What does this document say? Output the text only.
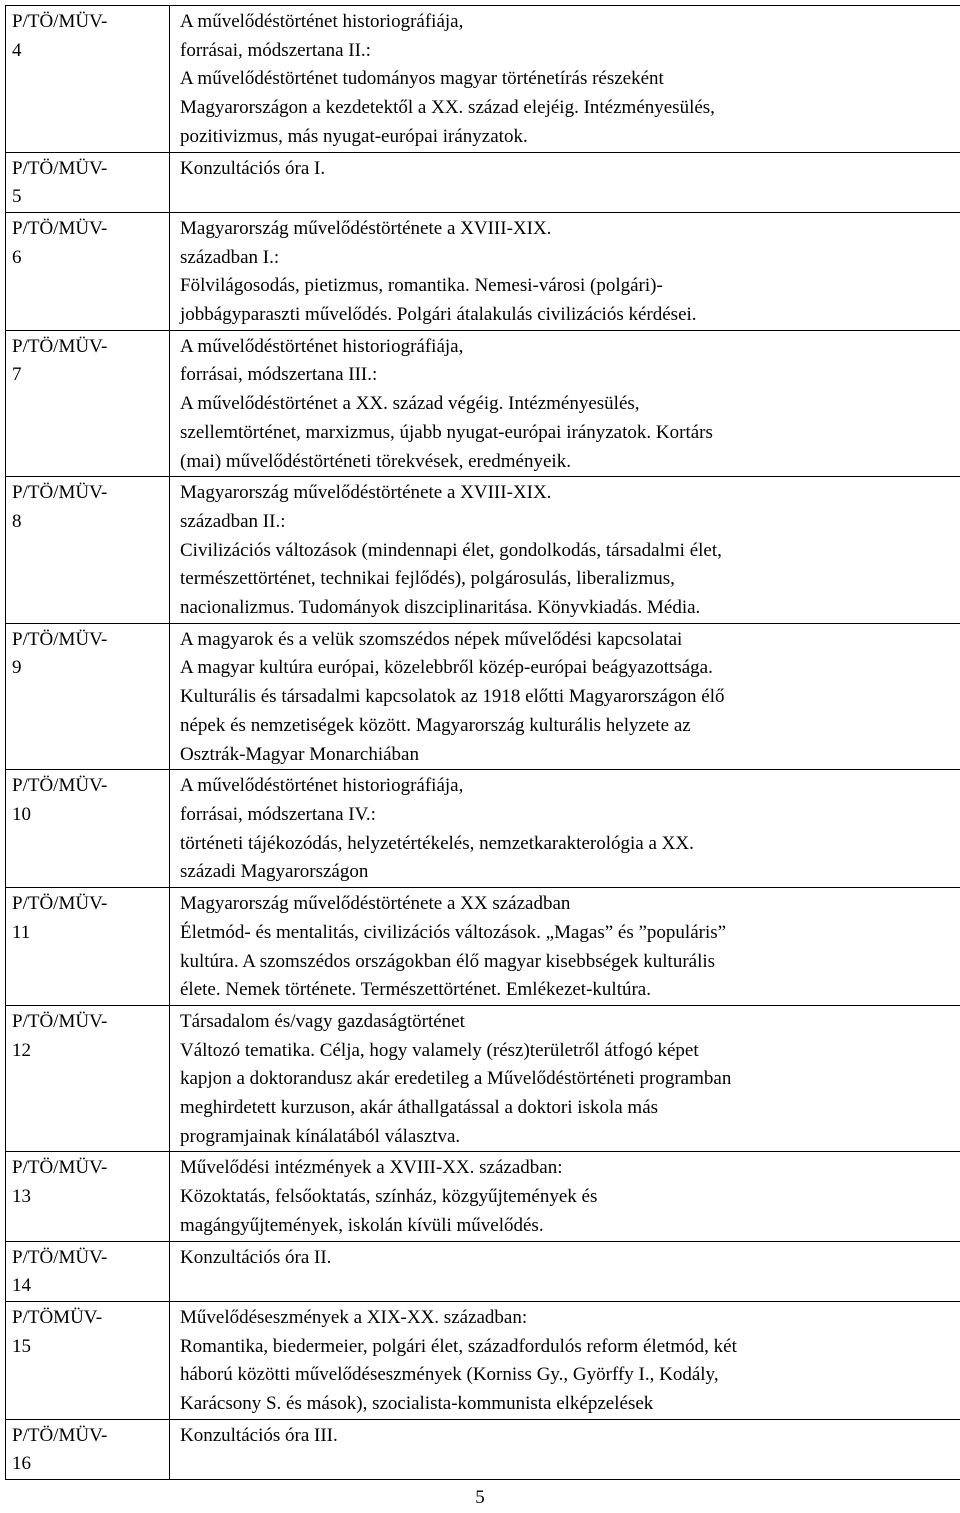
P/TÖ/MÜV-
4	A művelődéstörténet historiográfiája,
forrásai, módszertana II.:
A művelődéstörténet tudományos magyar történetírás részeként
Magyarországon a kezdetektől a XX. század elejéig. Intézményesülés,
pozitivizmus, más nyugat-európai irányzatok.		

P/TÖ/MÜV-
5	Konzultációs óra I.		

P/TÖ/MÜV-
6	Magyarország művelődéstörténete a XVIII-XIX.
században I.:
Fölvilágosodás, pietizmus, romantika. Nemesi-városi (polgári)-
jobbágyparaszti művelődés. Polgári átalakulás civilizációs kérdései.		

P/TÖ/MÜV-
7	A művelődéstörténet historiográfiája,
forrásai, módszertana III.:
A művelődéstörténet a XX. század végéig. Intézményesülés,
szellemtörténet, marxizmus, újabb nyugat-európai irányzatok. Kortárs
(mai) művelődéstörténeti törekvések, eredményeik.		

P/TÖ/MÜV-
8	Magyarország művelődéstörténete a XVIII-XIX.
században II.:
Civilizációs változások (mindennapi élet, gondolkodás, társadalmi élet,
természettörténet, technikai fejlődés), polgárosulás, liberalizmus,
nacionalizmus. Tudományok diszciplinaritása. Könyvkiadás. Média.		

P/TÖ/MÜV-
9	A magyarok és a velük szomszédos népek művelődési kapcsolatai
A magyar kultúra európai, közelebbről közép-európai beágyazottsága.
Kulturális és társadalmi kapcsolatok az 1918 előtti Magyarországon élő
népek és nemzetiségek között. Magyarország kulturális helyzete az
Osztrák-Magyar Monarchiában		

P/TÖ/MÜV-
10	A művelődéstörténet historiográfiája,
forrásai, módszertana IV.:
történeti tájékozódás, helyzetértékelés, nemzetkarakterológia a XX.
századi Magyarországon		

P/TÖ/MÜV-
11	Magyarország művelődéstörténete a XX században
Életmód- és mentalitás, civilizációs változások. „Magas” és ”populáris”
kultúra. A szomszédos országokban élő magyar kisebbségek kulturális
élete. Nemek története. Természettörténet. Emlékezet-kultúra.		

P/TÖ/MÜV-
12	Társadalom és/vagy gazdaságtörténet
Változó tematika. Célja, hogy valamely (rész)területről átfogó képet
kapjon a doktorandusz akár eredetileg a Művelődéstörténeti programban
meghirdetett kurzuson, akár áthallgatással a doktori iskola más
programjainak kínálatából választva.		

P/TÖ/MÜV-
13	Művelődési intézmények a XVIII-XX. században:
Közoktatás, felsőoktatás, színház, közgyűjtemények és
magángyűjtemények, iskolán kívüli művelődés.		

P/TÖ/MÜV-
14	Konzultációs óra II.		

P/TÖMÜV-
15	Művelődéseszmények a XIX-XX. században:
Romantika, biedermeier, polgári élet, századfordulós reform életmód, két
háború közötti művelődéseszmények (Korniss Gy., Györffy I., Kodály,
Karácsony S. és mások), szocialista-kommunista elképzelések		

P/TÖ/MÜV-
16	Konzultációs óra III.		

5
